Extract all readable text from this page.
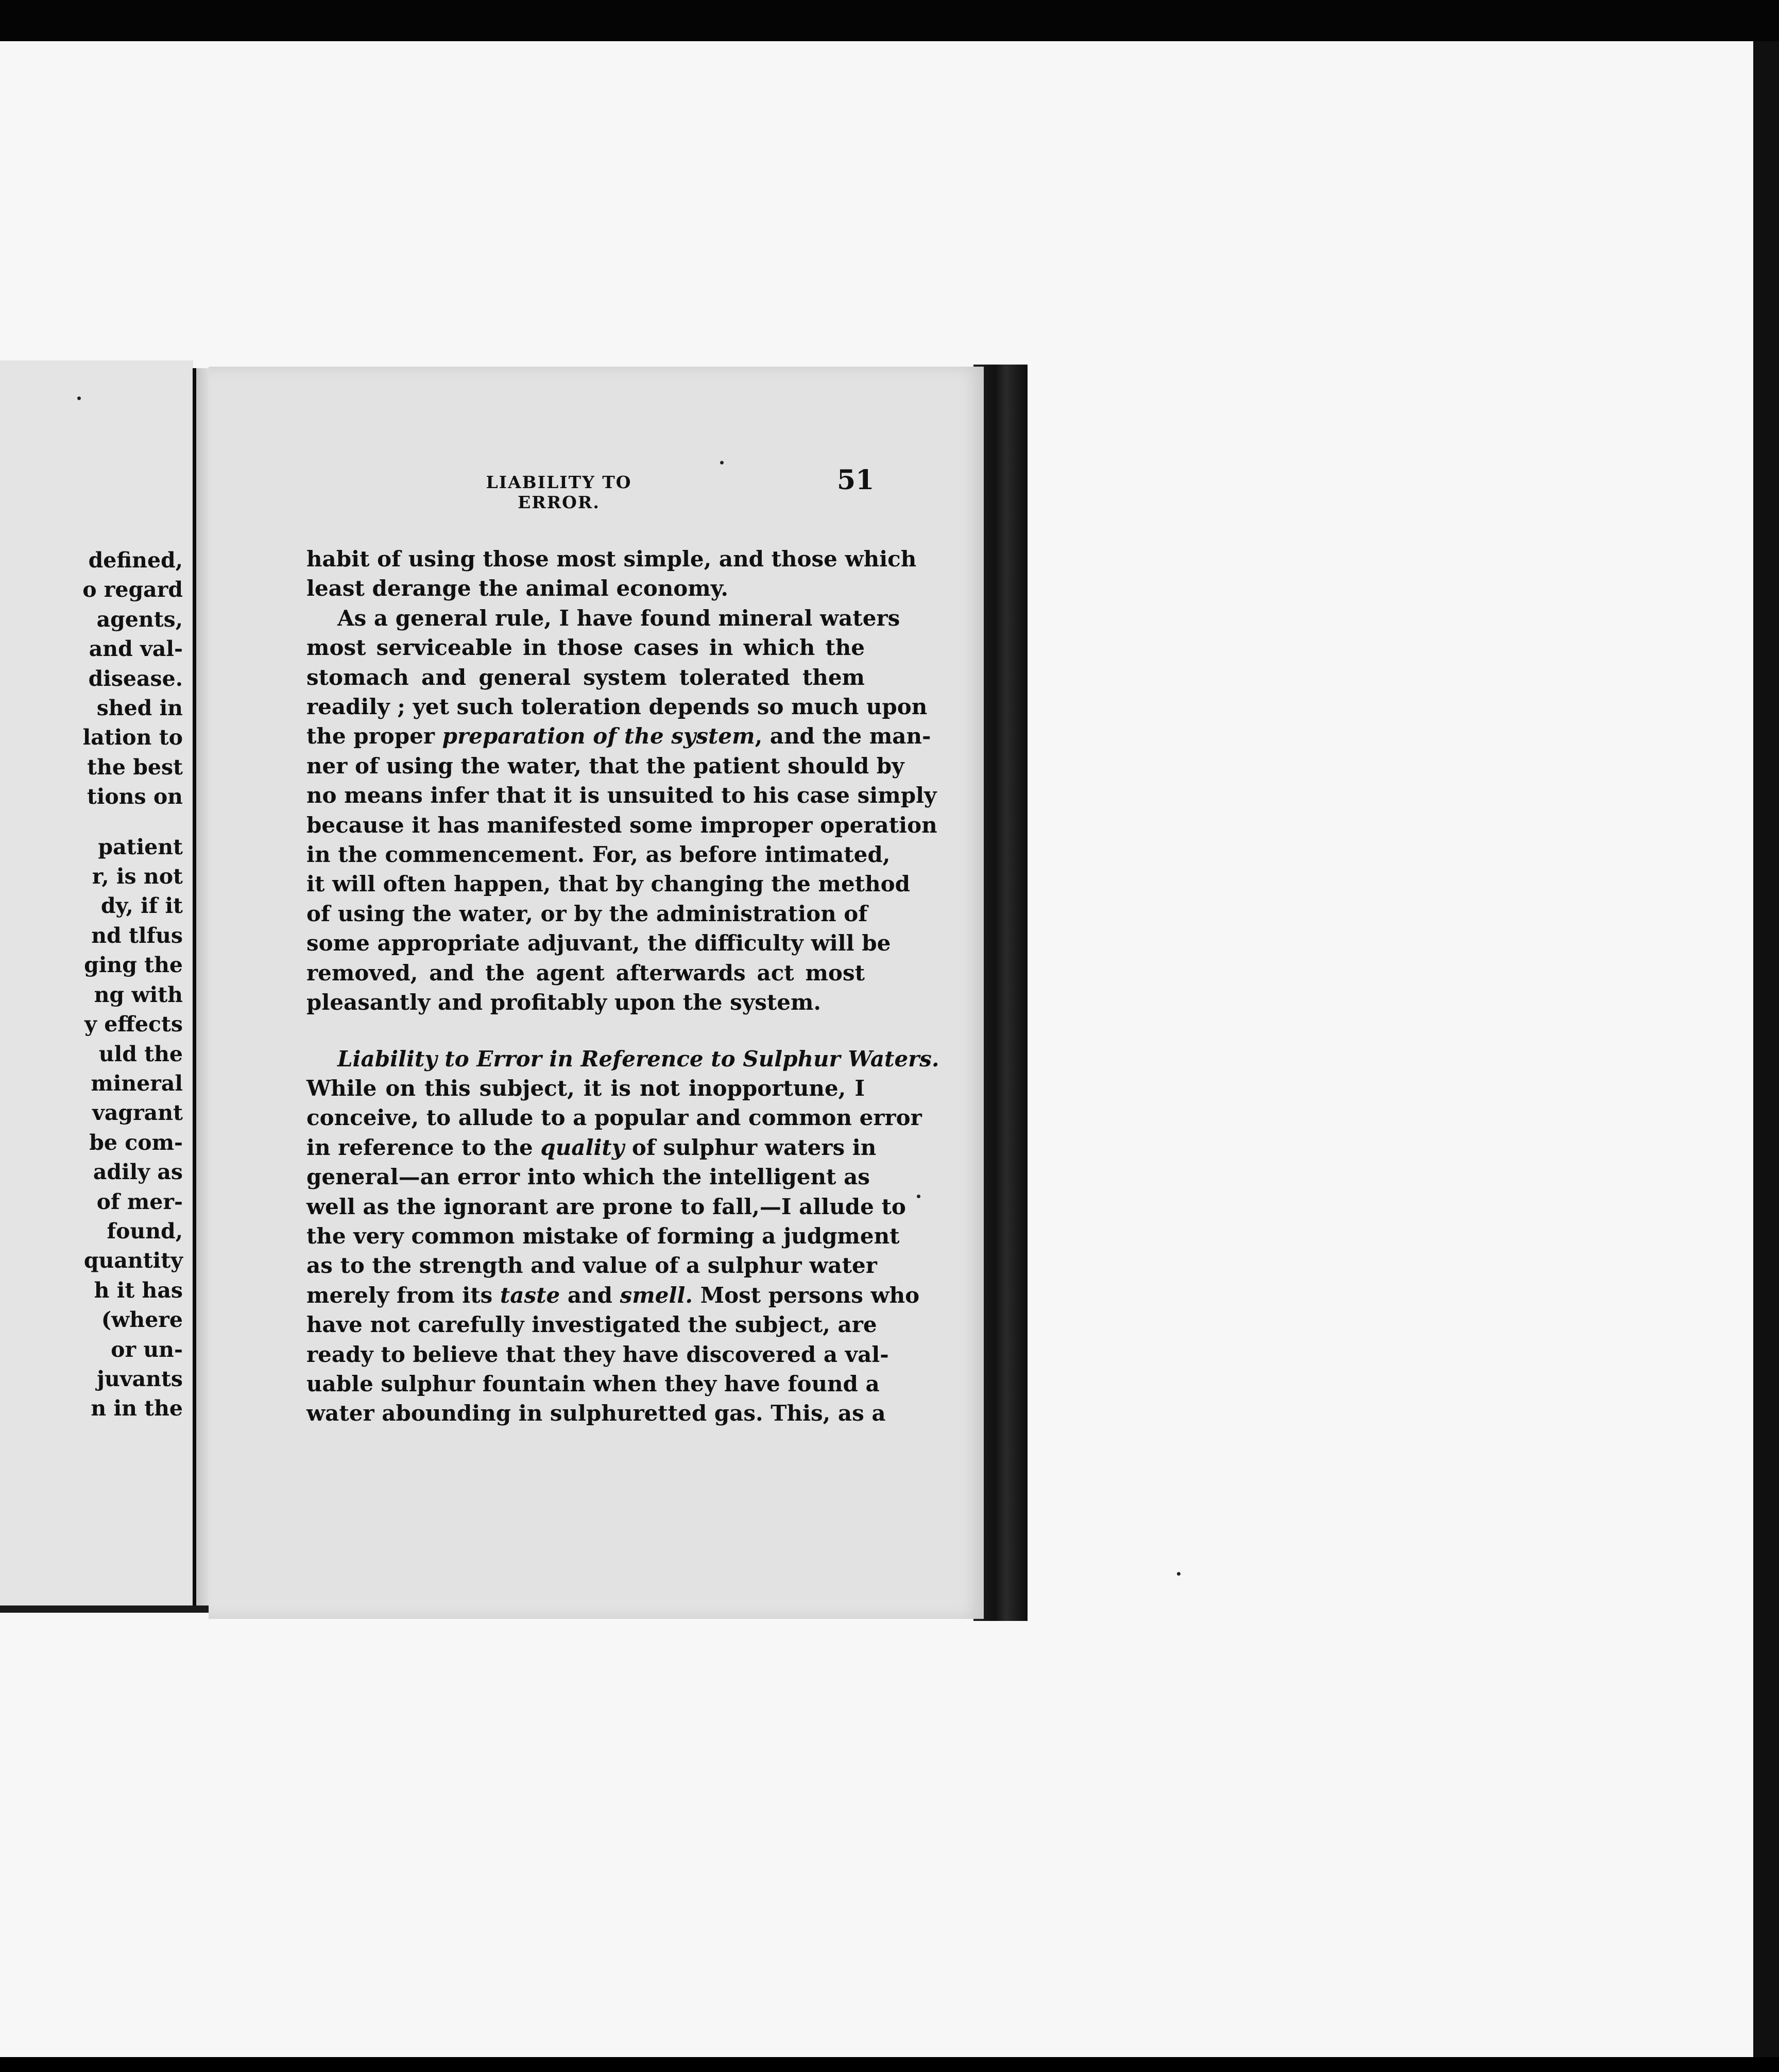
defined,
o regard
agents,
and val-
disease.
shed in
lation to
the best
tions on
patient
r, is not
dy, if it
nd tlfus
ging the
ng with
y effects
uld the
mineral
vagrant
be com-
adily as
of mer-
found,
quantity
h it has
(where
or un-
juvants
n in the
LIABILITY TO ERROR.
51
habit of using those most simple, and those which
least derange the animal economy.
As a general rule, I have found mineral waters
most serviceable in those cases in which the
stomach and general system tolerated them
readily ; yet such toleration depends so much upon
the proper preparation of the system, and the man-
ner of using the water, that the patient should by
no means infer that it is unsuited to his case simply
because it has manifested some improper operation
in the commencement. For, as before intimated,
it will often happen, that by changing the method
of using the water, or by the administration of
some appropriate adjuvant, the difficulty will be
removed, and the agent afterwards act most
pleasantly and profitably upon the system.
Liability to Error in Reference to Sulphur Waters.
While on this subject, it is not inopportune, I
conceive, to allude to a popular and common error
in reference to the quality of sulphur waters in
general—an error into which the intelligent as
well as the ignorant are prone to fall,—I allude to
the very common mistake of forming a judgment
as to the strength and value of a sulphur water
merely from its taste and smell. Most persons who
have not carefully investigated the subject, are
ready to believe that they have discovered a val-
uable sulphur fountain when they have found a
water abounding in sulphuretted gas. This, as a
